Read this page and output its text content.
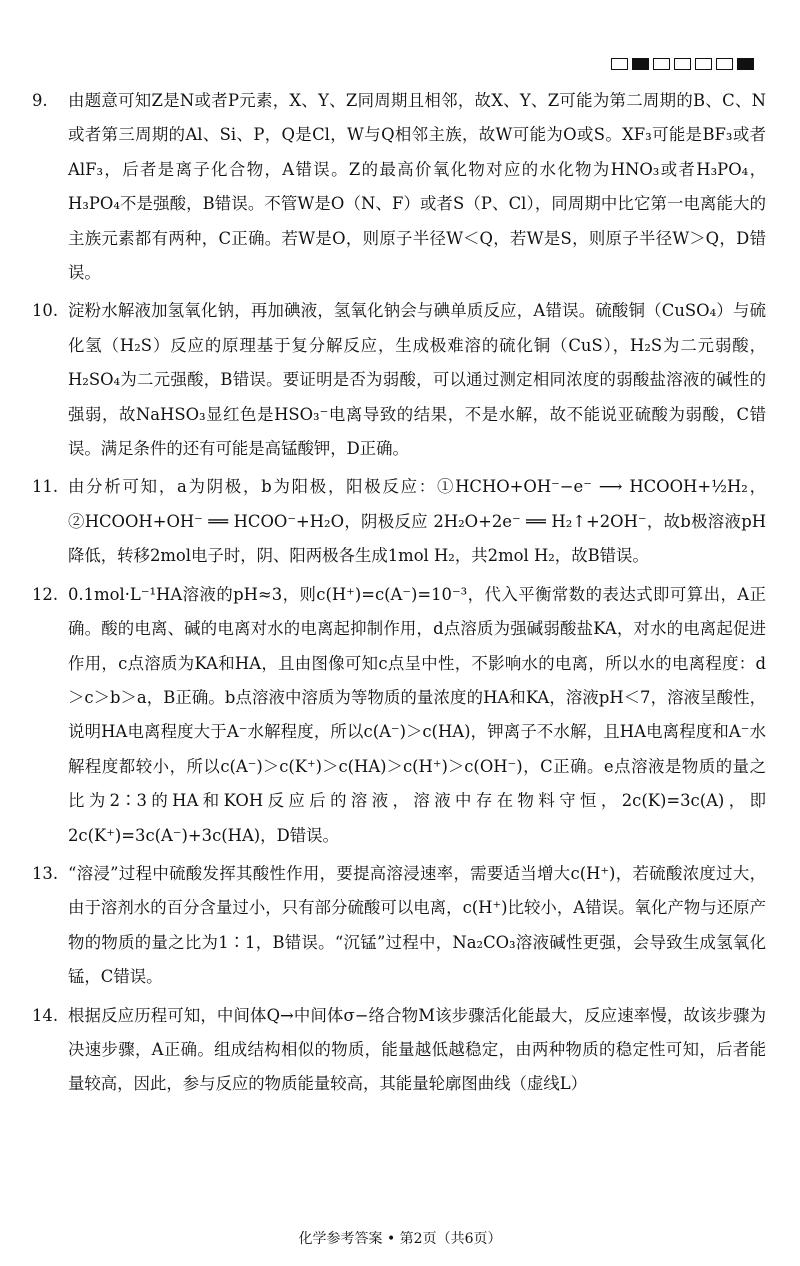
9.	由题意可知Z是N或者P元素，X、Y、Z同周期且相邻，故X、Y、Z可能为第二周期的B、C、N或者第三周期的Al、Si、P，Q是Cl，W与Q相邻主族，故W可能为O或S。XF₃可能是BF₃或者AlF₃，后者是离子化合物，A错误。Z的最高价氧化物对应的水化物为HNO₃或者H₃PO₄，H₃PO₄不是强酸，B错误。不管W是O（N、F）或者S（P、Cl），同周期中比它第一电离能大的主族元素都有两种，C正确。若W是O，则原子半径W＜Q，若W是S，则原子半径W＞Q，D错误。
10. 淀粉水解液加氢氧化钠，再加碘液，氢氧化钠会与碘单质反应，A错误。硫酸铜（CuSO₄）与硫化氢（H₂S）反应的原理基于复分解反应，生成极难溶的硫化铜（CuS），H₂S为二元弱酸，H₂SO₄为二元强酸，B错误。要证明是否为弱酸，可以通过测定相同浓度的弱酸盐溶液的碱性的强弱，故NaHSO₃显红色是HSO₃⁻电离导致的结果，不是水解，故不能说亚硫酸为弱酸，C错误。满足条件的还有可能是高锰酸钾，D正确。
11. 由分析可知，a为阴极，b为阳极，阳极反应：①HCHO+OH⁻−e⁻ ⟶ HCOOH+½H₂，②HCOOH+OH⁻ ══ HCOO⁻+H₂O，阴极反应 2H₂O+2e⁻ ══ H₂↑+2OH⁻，故b极溶液pH降低，转移2mol电子时，阴、阳两极各生成1mol H₂，共2mol H₂，故B错误。
12. 0.1mol·L⁻¹HA溶液的pH≈3，则c(H⁺)=c(A⁻)=10⁻³，代入平衡常数的表达式即可算出，A正确。酸的电离、碱的电离对水的电离起抑制作用，d点溶质为强碱弱酸盐KA，对水的电离起促进作用，c点溶质为KA和HA，且由图像可知c点呈中性，不影响水的电离，所以水的电离程度：d＞c＞b＞a，B正确。b点溶液中溶质为等物质的量浓度的HA和KA，溶液pH＜7，溶液呈酸性，说明HA电离程度大于A⁻水解程度，所以c(A⁻)＞c(HA)，钾离子不水解，且HA电离程度和A⁻水解程度都较小，所以c(A⁻)＞c(K⁺)＞c(HA)＞c(H⁺)＞c(OH⁻)，C正确。e点溶液是物质的量之比为2∶3的HA和KOH反应后的溶液，溶液中存在物料守恒，2c(K)=3c(A)，即2c(K⁺)=3c(A⁻)+3c(HA)，D错误。
13. “溶浸”过程中硫酸发挥其酸性作用，要提高溶浸速率，需要适当增大c(H⁺)，若硫酸浓度过大，由于溶剂水的百分含量过小，只有部分硫酸可以电离，c(H⁺)比较小，A错误。氧化产物与还原产物的物质的量之比为1∶1，B错误。“沉锰”过程中，Na₂CO₃溶液碱性更强，会导致生成氢氧化锰，C错误。
14. 根据反应历程可知，中间体Q→中间体σ−络合物M该步骤活化能最大，反应速率慢，故该步骤为决速步骤，A正确。组成结构相似的物质，能量越低越稳定，由两种物质的稳定性可知，后者能量较高，因此，参与反应的物质能量较高，其能量轮廓图曲线（虚线L）
化学参考答案 • 第2页（共6页）
